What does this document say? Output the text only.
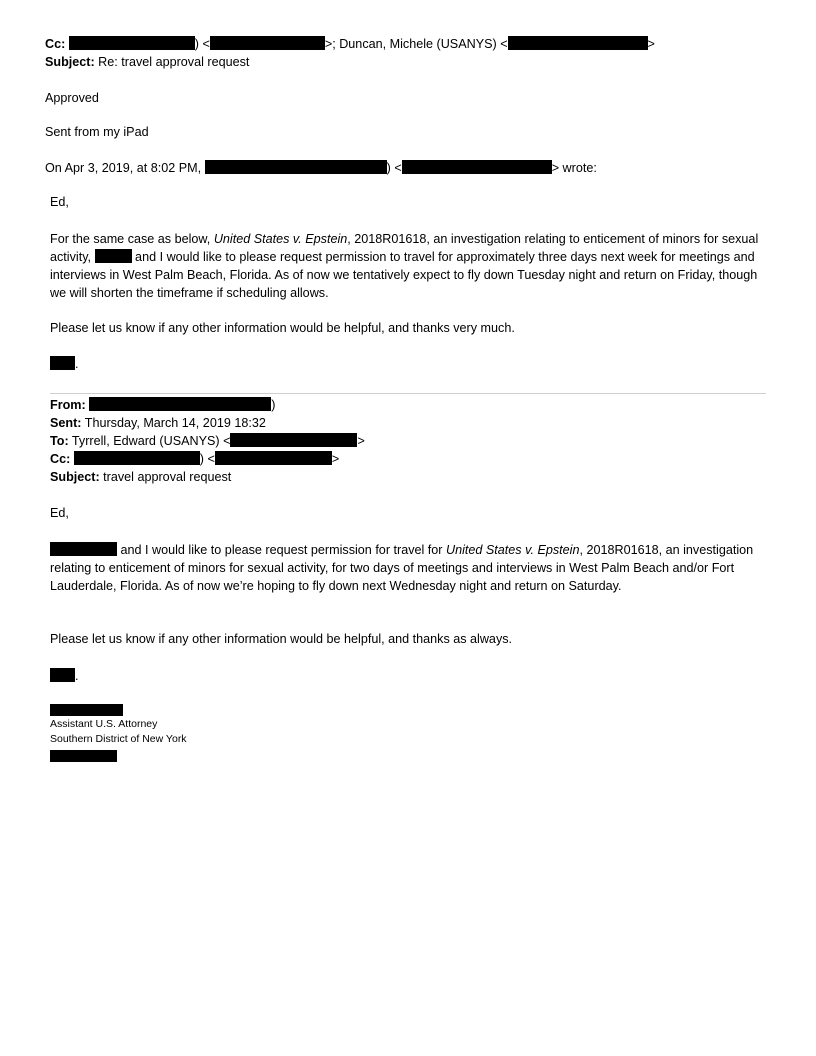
Cc:	) <	>; Duncan, Michele (USANYS) <	>
Subject: Re: travel approval request
Approved
Sent from my iPad
On Apr 3, 2019, at 8:02 PM,	) <	> wrote:
Ed,
For the same case as below, United States v. Epstein, 2018R01618, an investigation relating to enticement of minors for sexual activity,	and I would like to please request permission to travel for approximately three days next week for meetings and interviews in West Palm Beach, Florida. As of now we tentatively expect to fly down Tuesday night and return on Friday, though we will shorten the timeframe if scheduling allows.
Please let us know if any other information would be helpful, and thanks very much.
.
From:	)
Sent: Thursday, March 14, 2019 18:32
To: Tyrrell, Edward (USANYS) <	>
Cc:	) <	>
Subject: travel approval request
Ed,
and I would like to please request permission for travel for United States v. Epstein, 2018R01618, an investigation relating to enticement of minors for sexual activity, for two days of meetings and interviews in West Palm Beach and/or Fort Lauderdale, Florida. As of now we’re hoping to fly down next Wednesday night and return on Saturday.
Please let us know if any other information would be helpful, and thanks as always.
.
Assistant U.S. Attorney
Southern District of New York
